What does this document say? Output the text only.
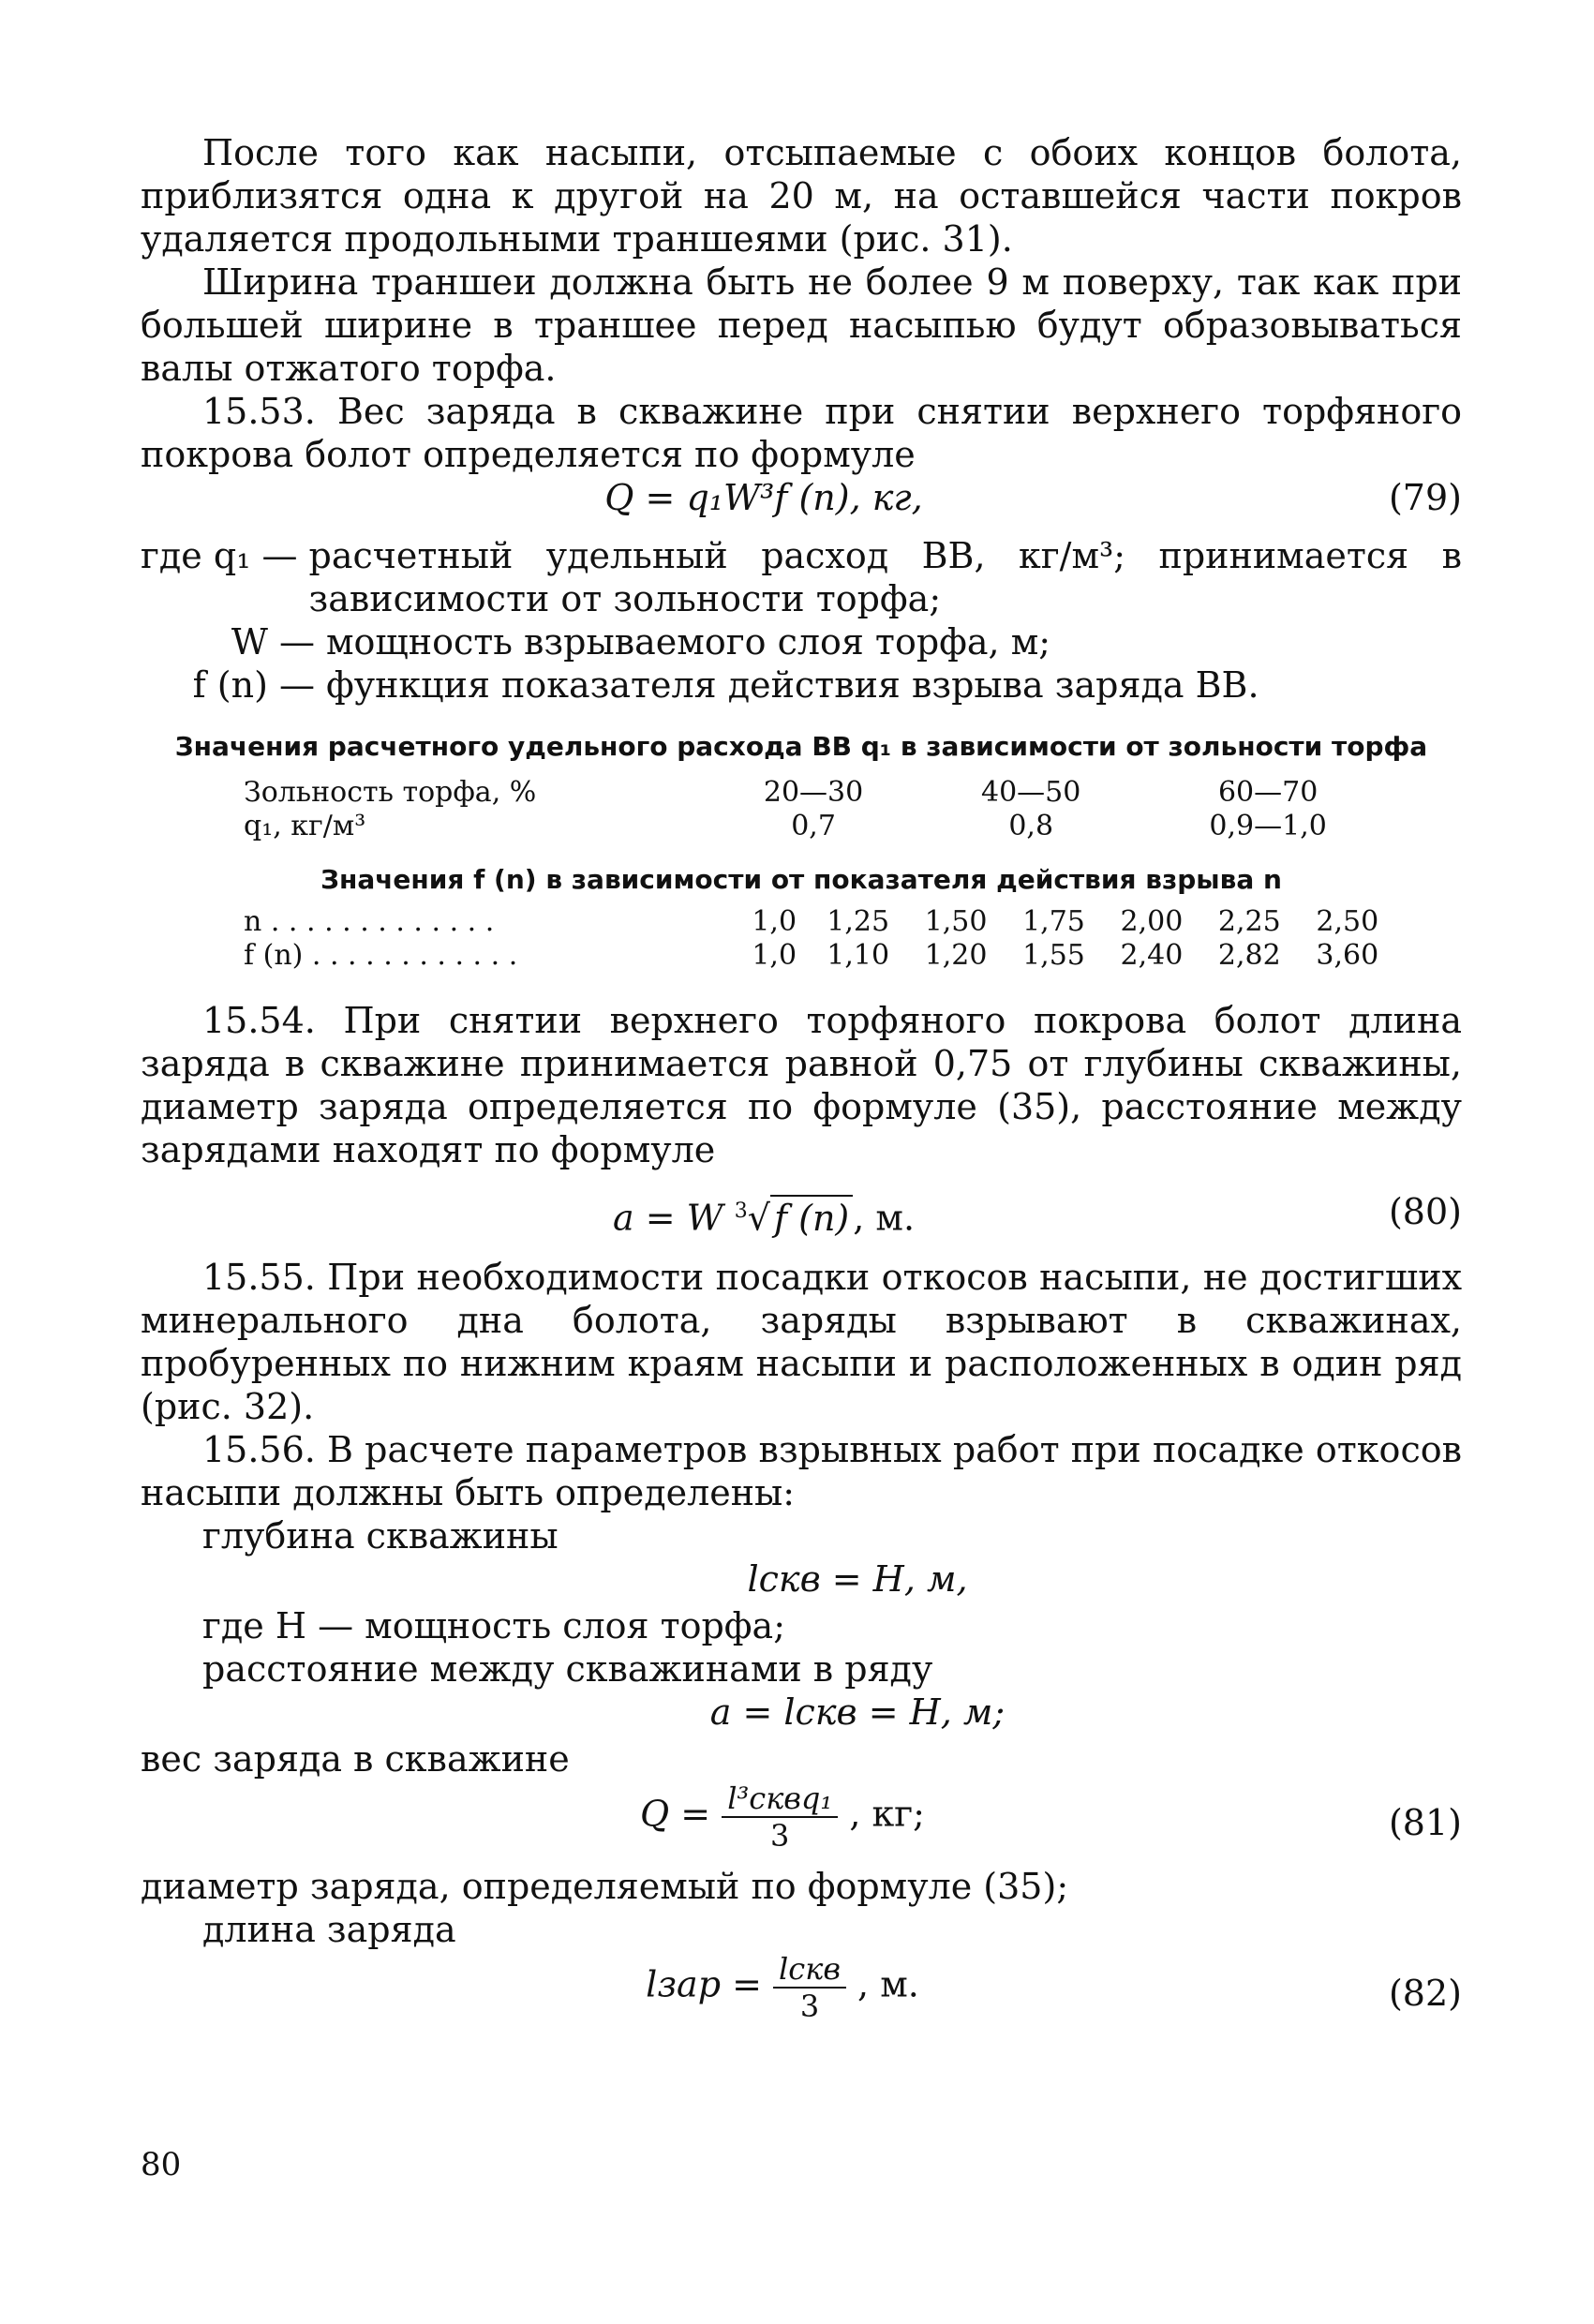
После того как насыпи, отсыпаемые с обоих концов болота, приблизятся одна к другой на 20 м, на оставшейся части покров удаляется продольными траншеями (рис. 31).

Ширина траншеи должна быть не более 9 м поверху, так как при большей ширине в траншее перед насыпью будут образовываться валы отжатого торфа.

15.53. Вес заряда в скважине при снятии верхнего торфяного покрова болот определяется по формуле

Q = q₁W³f (n), кг,	(79)
где q₁ — расчетный удельный расход ВВ, кг/м³; принимается в зависимости от зольности торфа;
W — мощность взрываемого слоя торфа, м;
f (n) — функция показателя действия взрыва заряда ВВ.
Значения расчетного удельного расхода ВВ q₁ в зависимости от зольности торфа
Зольность торфа, %	20—30	40—50	60—70
q₁, кг/м³	0,7	0,8	0,9—1,0
Значения f (n) в зависимости от показателя действия взрыва n
n . . . . . . . . . . . . .	1,0	1,25	1,50	1,75	2,00	2,25	2,50
f (n) . . . . . . . . . . . .	1,0	1,10	1,20	1,55	2,40	2,82	3,60

15.54. При снятии верхнего торфяного покрова болот длина заряда в скважине принимается равной 0,75 от глубины скважины, диаметр заряда определяется по формуле (35), расстояние между зарядами находят по формуле

a = W $^3$√ f (n) , м.	(80)

15.55. При необходимости посадки откосов насыпи, не достигших минерального дна болота, заряды взрывают в скважинах, пробуренных по нижним краям насыпи и расположенных в один ряд (рис. 32).

15.56. В расчете параметров взрывных работ при посадке откосов насыпи должны быть определены:

глубина скважины

lскв = H, м,

где H — мощность слоя торфа;

расстояние между скважинами в ряду

a = lскв = H, м;

вес заряда в скважине

$Q = \frac{\text{l³сквq₁}}{3}$ , кг;	(81)

диаметр заряда, определяемый по формуле (35);

длина заряда

lзар = $\frac{\text{lскв}}{3}$ , м.	(82)
80
